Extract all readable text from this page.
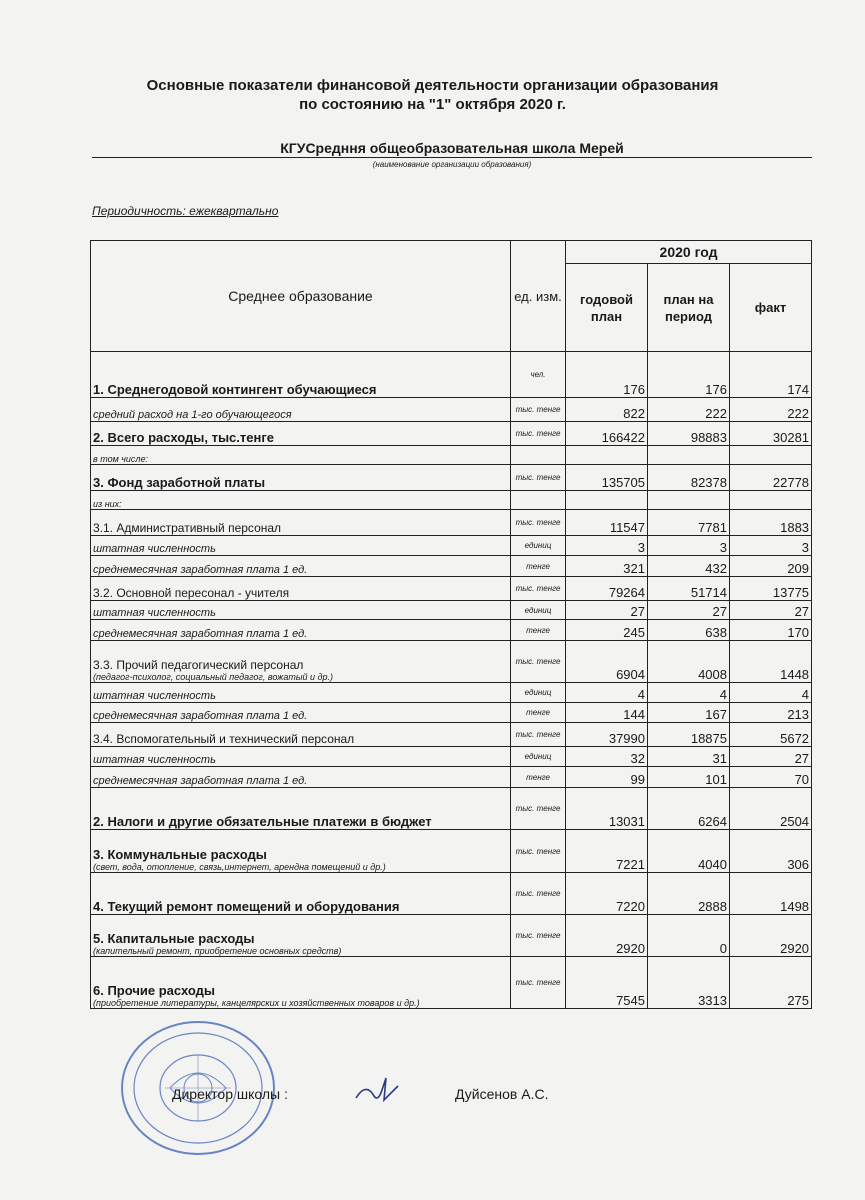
Основные показатели финансовой деятельности организации образования
по состоянию на "1" октября 2020 г.
КГУСредння общеобразовательная школа Мерей
(наименование организации образования)
Периодичность: ежеквартально
Среднее образование	ед. изм.	2020 год		
		годовой план	план на период	факт
1. Среднегодовой контингент обучающиеся	чел.	176	176	174
средний расход на 1-го обучающегося	тыс. тенге	822	222	222
2. Всего расходы, тыс.тенге	тыс. тенге	166422	98883	30281
в том числе:				
3. Фонд заработной платы	тыс. тенге	135705	82378	22778
из них:				
3.1. Административный персонал	тыс. тенге	11547	7781	1883
штатная численность	единиц	3	3	3
среднемесячная заработная плата 1 ед.	тенге	321	432	209
3.2. Основной пересонал - учителя	тыс. тенге	79264	51714	13775
штатная численность	единиц	27	27	27
среднемесячная заработная плата 1 ед.	тенге	245	638	170
3.3. Прочий педагогический персонал
(педагог-психолог, социальный педагог, вожатый и др.)	тыс. тенге	6904	4008	1448
штатная численность	единиц	4	4	4
среднемесячная заработная плата 1 ед.	тенге	144	167	213
3.4. Вспомогательный и технический персонал	тыс. тенге	37990	18875	5672
штатная численность	единиц	32	31	27
среднемесячная заработная плата 1 ед.	тенге	99	101	70
2. Налоги и другие обязательные платежи в бюджет	тыс. тенге	13031	6264	2504
3. Коммунальные расходы
(свет, вода, отопление, связь,интернет, арендна помещений и др.)	тыс. тенге	7221	4040	306
4. Текущий ремонт помещений и оборудования	тыс. тенге	7220	2888	1498
5. Капитальные расходы
(капительный ремонт, приобретение основных средств)	тыс. тенге	2920	0	2920
6. Прочие расходы
(приобретение литературы, канцелярских и хозяйственных товаров и др.)	тыс. тенге	7545	3313	275
Директор школы :	Дуйсенов А.С.
